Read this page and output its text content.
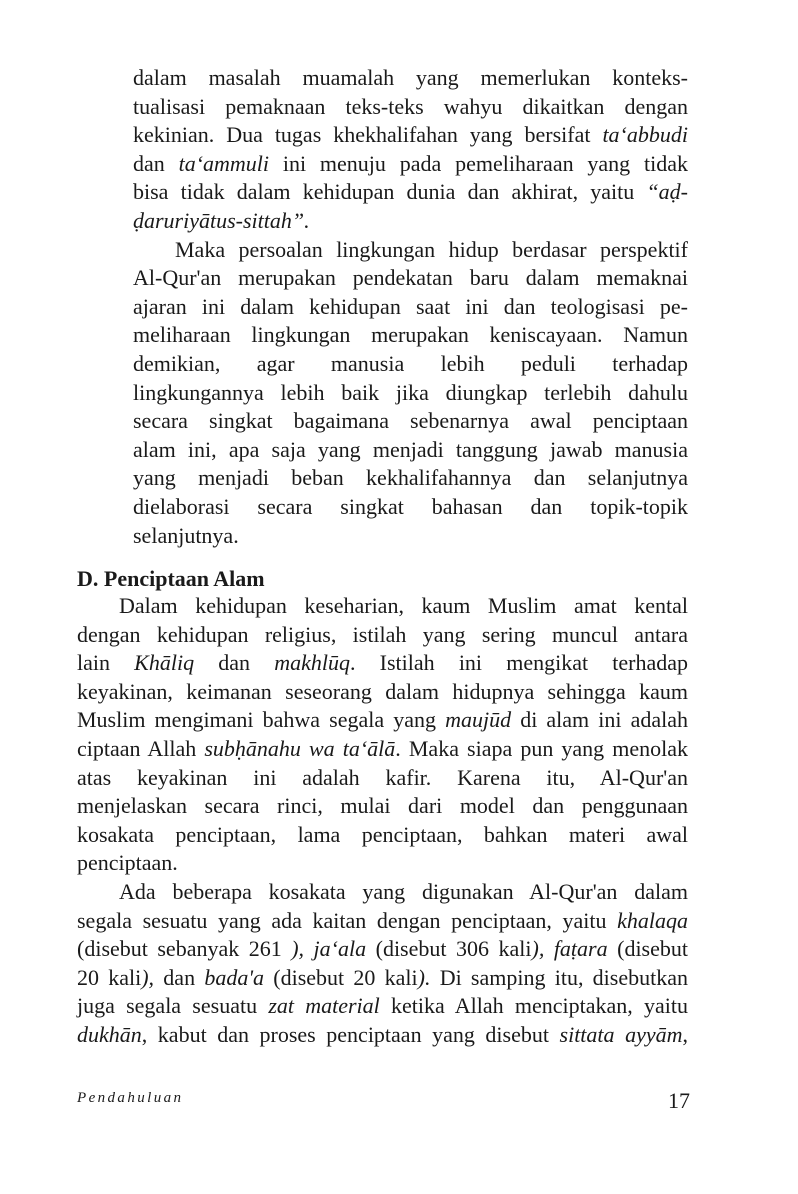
dalam masalah muamalah yang memerlukan konteks-
tualisasi pemaknaan teks-teks wahyu dikaitkan dengan
kekinian. Dua tugas khekhalifahan yang bersifat ta‘abbudi
dan ta‘ammuli ini menuju pada pemeliharaan yang tidak
bisa tidak dalam kehidupan dunia dan akhirat, yaitu “aḍ-
ḍaruriyātus-sittah”.
Maka persoalan lingkungan hidup berdasar perspektif
Al-Qur'an merupakan pendekatan baru dalam memaknai
ajaran ini dalam kehidupan saat ini dan teologisasi pe-
meliharaan lingkungan merupakan keniscayaan. Namun
demikian, agar manusia lebih peduli terhadap
lingkungannya lebih baik jika diungkap terlebih dahulu
secara singkat bagaimana sebenarnya awal penciptaan
alam ini, apa saja yang menjadi tanggung jawab manusia
yang menjadi beban kekhalifahannya dan selanjutnya
dielaborasi secara singkat bahasan dan topik-topik
selanjutnya.
D. Penciptaan Alam
Dalam kehidupan keseharian, kaum Muslim amat kental
dengan kehidupan religius, istilah yang sering muncul antara
lain Khāliq dan makhlūq. Istilah ini mengikat terhadap
keyakinan, keimanan seseorang dalam hidupnya sehingga kaum
Muslim mengimani bahwa segala yang maujūd di alam ini adalah
ciptaan Allah subḥānahu wa ta‘ālā. Maka siapa pun yang menolak
atas keyakinan ini adalah kafir. Karena itu, Al-Qur'an
menjelaskan secara rinci, mulai dari model dan penggunaan
kosakata penciptaan, lama penciptaan, bahkan materi awal
penciptaan.
Ada beberapa kosakata yang digunakan Al-Qur'an dalam
segala sesuatu yang ada kaitan dengan penciptaan, yaitu khalaqa
(disebut sebanyak 261 ), ja‘ala (disebut 306 kali), faṭara (disebut
20 kali), dan bada'a (disebut 20 kali). Di samping itu, disebutkan
juga segala sesuatu zat material ketika Allah menciptakan, yaitu
dukhān, kabut dan proses penciptaan yang disebut sittata ayyām,
Pendahuluan	17
